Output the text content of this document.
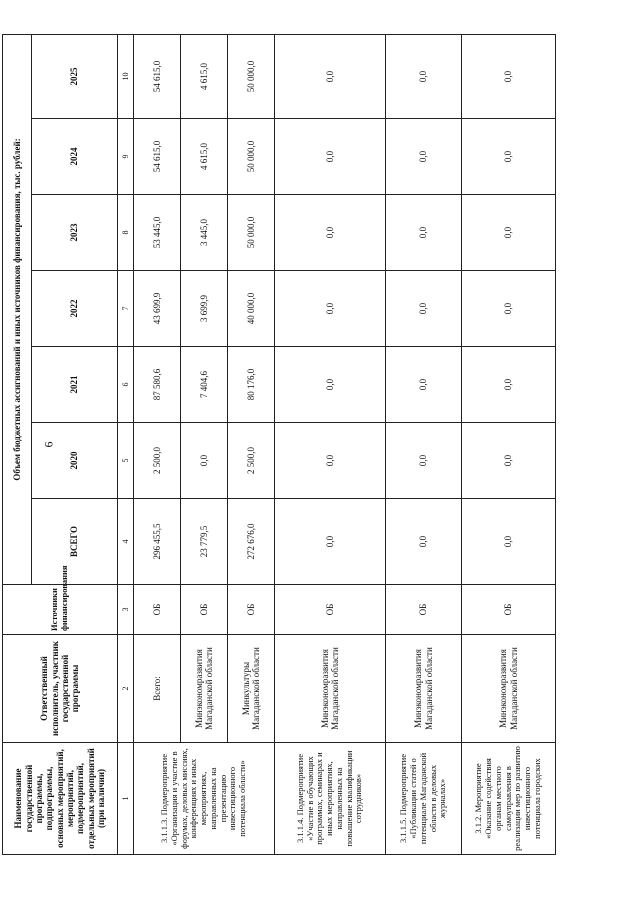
6
Наименование государственной программы, подпрограммы, основных мероприятий, мероприятий, подмероприятий, отдельных мероприятий (при наличии)	Ответственный исполнитель, участник государственной программы	Источники финансирования	Объем бюджетных ассигнований и иных источников финансирования, тыс. рублей:						
			ВСЕГО	2020	2021	2022	2023	2024	2025
1	2	3	4	5	6	7	8	9	10
3.1.1.3. Подмероприятие «Организация и участие в форумах, деловых миссиях, конференциях и иных мероприятиях, направленных на презентацию инвестиционного потенциала области»	Всего:	ОБ	296 455,5	2 500,0	87 580,6	43 699,9	53 445,0	54 615,0	54 615,0
	Минэкономразвития Магаданской области	ОБ	23 779,5	0,0	7 404,6	3 699,9	3 445,0	4 615,0	4 615,0
	Минкультуры Магаданской области	ОБ	272 676,0	2 500,0	80 176,0	40 000,0	50 000,0	50 000,0	50 000,0
3.1.1.4. Подмероприятие «Участие в обучающих программах, семинарах и иных мероприятиях, направленных на повышение квалификации сотрудников»	Минэкономразвития Магаданской области	ОБ	0,0	0,0	0,0	0,0	0,0	0,0	0,0
3.1.1.5. Подмероприятие «Публикации статей о потенциале Магаданской области в деловых журналах»	Минэкономразвития Магаданской области	ОБ	0,0	0,0	0,0	0,0	0,0	0,0	0,0
3.1.2. Мероприятие «Оказание содействия органам местного самоуправления в реализации мер по развитию инвестиционного потенциала городских	Минэкономразвития Магаданской области	ОБ	0,0	0,0	0,0	0,0	0,0	0,0	0,0
